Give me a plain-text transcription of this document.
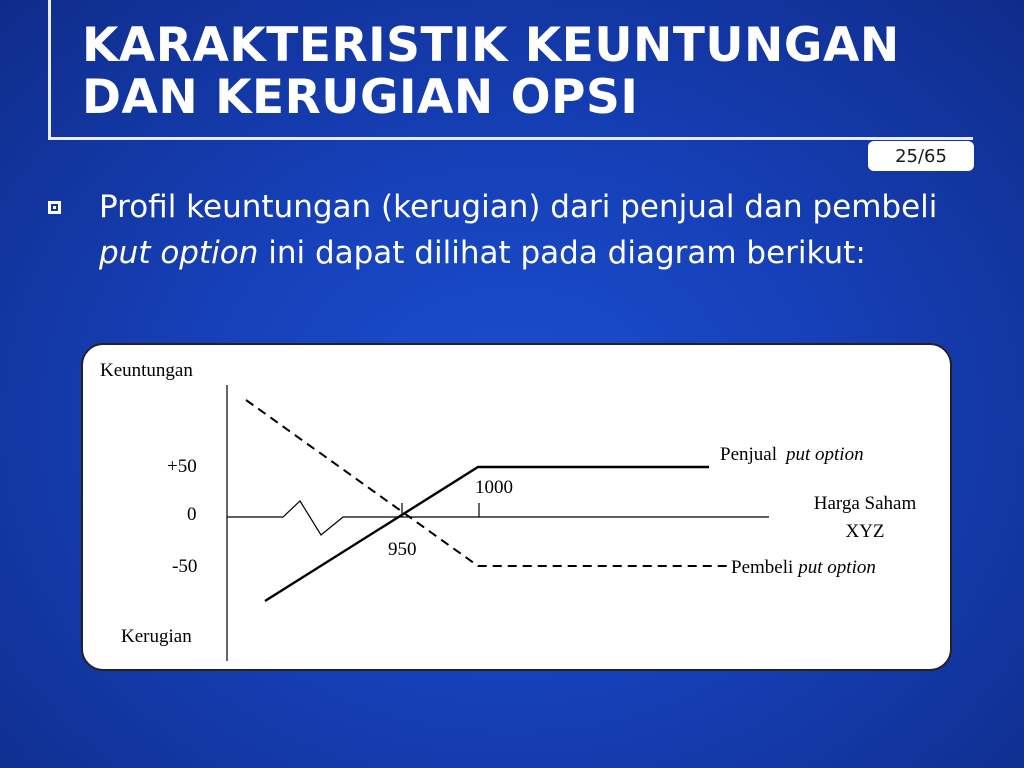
KARAKTERISTIK KEUNTUNGAN
DAN KERUGIAN OPSI
25/65
Profil keuntungan (kerugian) dari penjual dan pembeli put option ini dapat dilihat pada diagram berikut:
Keuntungan
Kerugian
+50
0
-50
950
1000
Harga Saham
XYZ
Penjual put option
Pembeli put option
